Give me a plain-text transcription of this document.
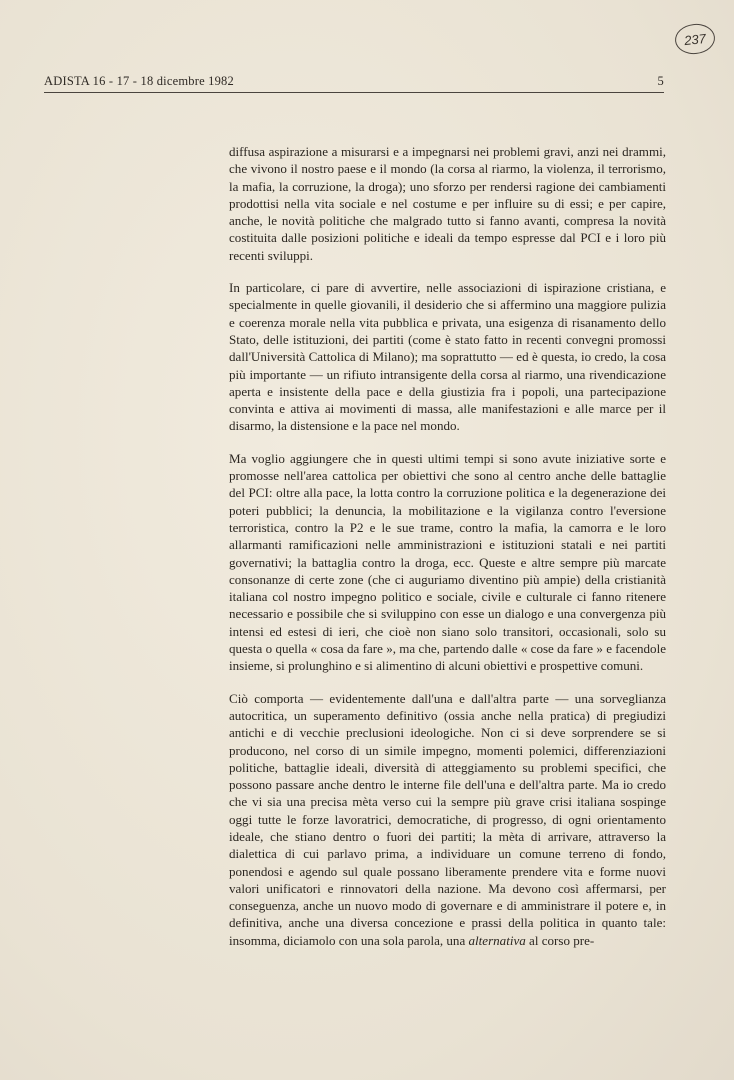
237
ADISTA 16 - 17 - 18 dicembre 1982	5

diffusa aspirazione a misurarsi e a impegnarsi nei problemi gravi, anzi nei drammi, che vivono il nostro paese e il mondo (la corsa al riarmo, la violenza, il terrorismo, la mafia, la corruzione, la droga); uno sforzo per rendersi ragione dei cambiamenti prodottisi nella vita sociale e nel costume e per influire su di essi; e per capire, anche, le novità politiche che malgrado tutto si fanno avanti, compresa la novità costituita dalle posizioni politiche e ideali da tempo espresse dal PCI e i loro più recenti sviluppi.

In particolare, ci pare di avvertire, nelle associazioni di ispirazione cristiana, e specialmente in quelle giovanili, il desiderio che si affermino una maggiore pulizia e coerenza morale nella vita pubblica e privata, una esigenza di risanamento dello Stato, delle istituzioni, dei partiti (come è stato fatto in recenti convegni promossi dall'Università Cattolica di Milano); ma soprattutto — ed è questa, io credo, la cosa più importante — un rifiuto intransigente della corsa al riarmo, una rivendicazione aperta e insistente della pace e della giustizia fra i popoli, una partecipazione convinta e attiva ai movimenti di massa, alle manifestazioni e alle marce per il disarmo, la distensione e la pace nel mondo.

Ma voglio aggiungere che in questi ultimi tempi si sono avute iniziative sorte e promosse nell'area cattolica per obiettivi che sono al centro anche delle battaglie del PCI: oltre alla pace, la lotta contro la corruzione politica e la degenerazione dei poteri pubblici; la denuncia, la mobilitazione e la vigilanza contro l'eversione terroristica, contro la P2 e le sue trame, contro la mafia, la camorra e le loro allarmanti ramificazioni nelle amministrazioni e istituzioni statali e nei partiti governativi; la battaglia contro la droga, ecc. Queste e altre sempre più marcate consonanze di certe zone (che ci auguriamo diventino più ampie) della cristianità italiana col nostro impegno politico e sociale, civile e culturale ci fanno ritenere necessario e possibile che si sviluppino con esse un dialogo e una convergenza più intensi ed estesi di ieri, che cioè non siano solo transitori, occasionali, solo su questa o quella « cosa da fare », ma che, partendo dalle « cose da fare » e facendole insieme, si prolunghino e si alimentino di alcuni obiettivi e prospettive comuni.

Ciò comporta — evidentemente dall'una e dall'altra parte — una sorveglianza autocritica, un superamento definitivo (ossia anche nella pratica) di pregiudizi antichi e di vecchie preclusioni ideologiche. Non ci si deve sorprendere se si producono, nel corso di un simile impegno, momenti polemici, differenziazioni politiche, battaglie ideali, diversità di atteggiamento su problemi specifici, che possono passare anche dentro le interne file dell'una e dell'altra parte. Ma io credo che vi sia una precisa mèta verso cui la sempre più grave crisi italiana sospinge oggi tutte le forze lavoratrici, democratiche, di progresso, di ogni orientamento ideale, che stiano dentro o fuori dei partiti; la mèta di arrivare, attraverso la dialettica di cui parlavo prima, a individuare un comune terreno di fondo, ponendosi e agendo sul quale possano liberamente prendere vita e forme nuovi valori unificatori e rinnovatori della nazione. Ma devono così affermarsi, per conseguenza, anche un nuovo modo di governare e di amministrare il potere e, in definitiva, anche una diversa concezione e prassi della politica in quanto tale: insomma, diciamolo con una sola parola, una alternativa al corso pre-
